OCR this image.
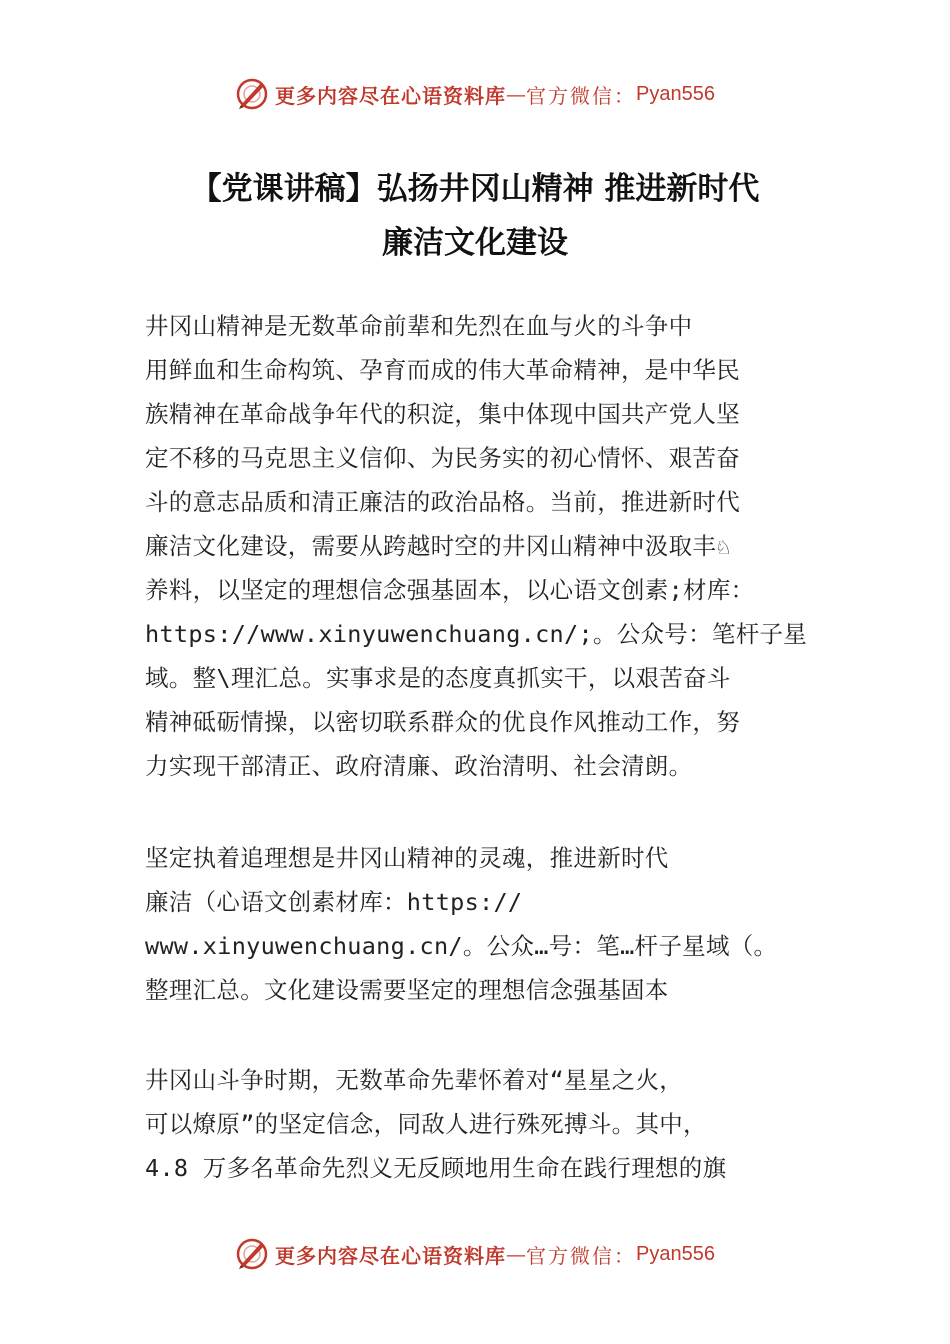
更多内容尽在心语资料库 — 官方微信： Pyan556
【党课讲稿】弘扬井冈山精神 推进新时代
廉洁文化建设
井冈山精神是无数革命前辈和先烈在血与火的斗争中
用鲜血和生命构筑、孕育而成的伟大革命精神，是中华民
族精神在革命战争年代的积淀，集中体现中国共产党人坚
定不移的马克思主义信仰、为民务实的初心情怀、艰苦奋
斗的意志品质和清正廉洁的政治品格。当前，推进新时代
廉洁文化建设，需要从跨越时空的井冈山精神中汲取丰♘
养料，以坚定的理想信念强基固本，以心语文创素;材库：
https://www.xinyuwenchuang.cn/;。公众号：笔杆子星
域。整\理汇总。实事求是的态度真抓实干，以艰苦奋斗
精神砥砺情操，以密切联系群众的优良作风推动工作，努
力实现干部清正、政府清廉、政治清明、社会清朗。
坚定执着追理想是井冈山精神的灵魂，推进新时代
廉洁（心语文创素材库：https://
www.xinyuwenchuang.cn/。公众…号：笔…杆子星域（。
整理汇总。文化建设需要坚定的理想信念强基固本
井冈山斗争时期，无数革命先辈怀着对“星星之火，
可以燎原”的坚定信念，同敌人进行殊死搏斗。其中，
4.8 万多名革命先烈义无反顾地用生命在践行理想的旗
更多内容尽在心语资料库 — 官方微信： Pyan556
